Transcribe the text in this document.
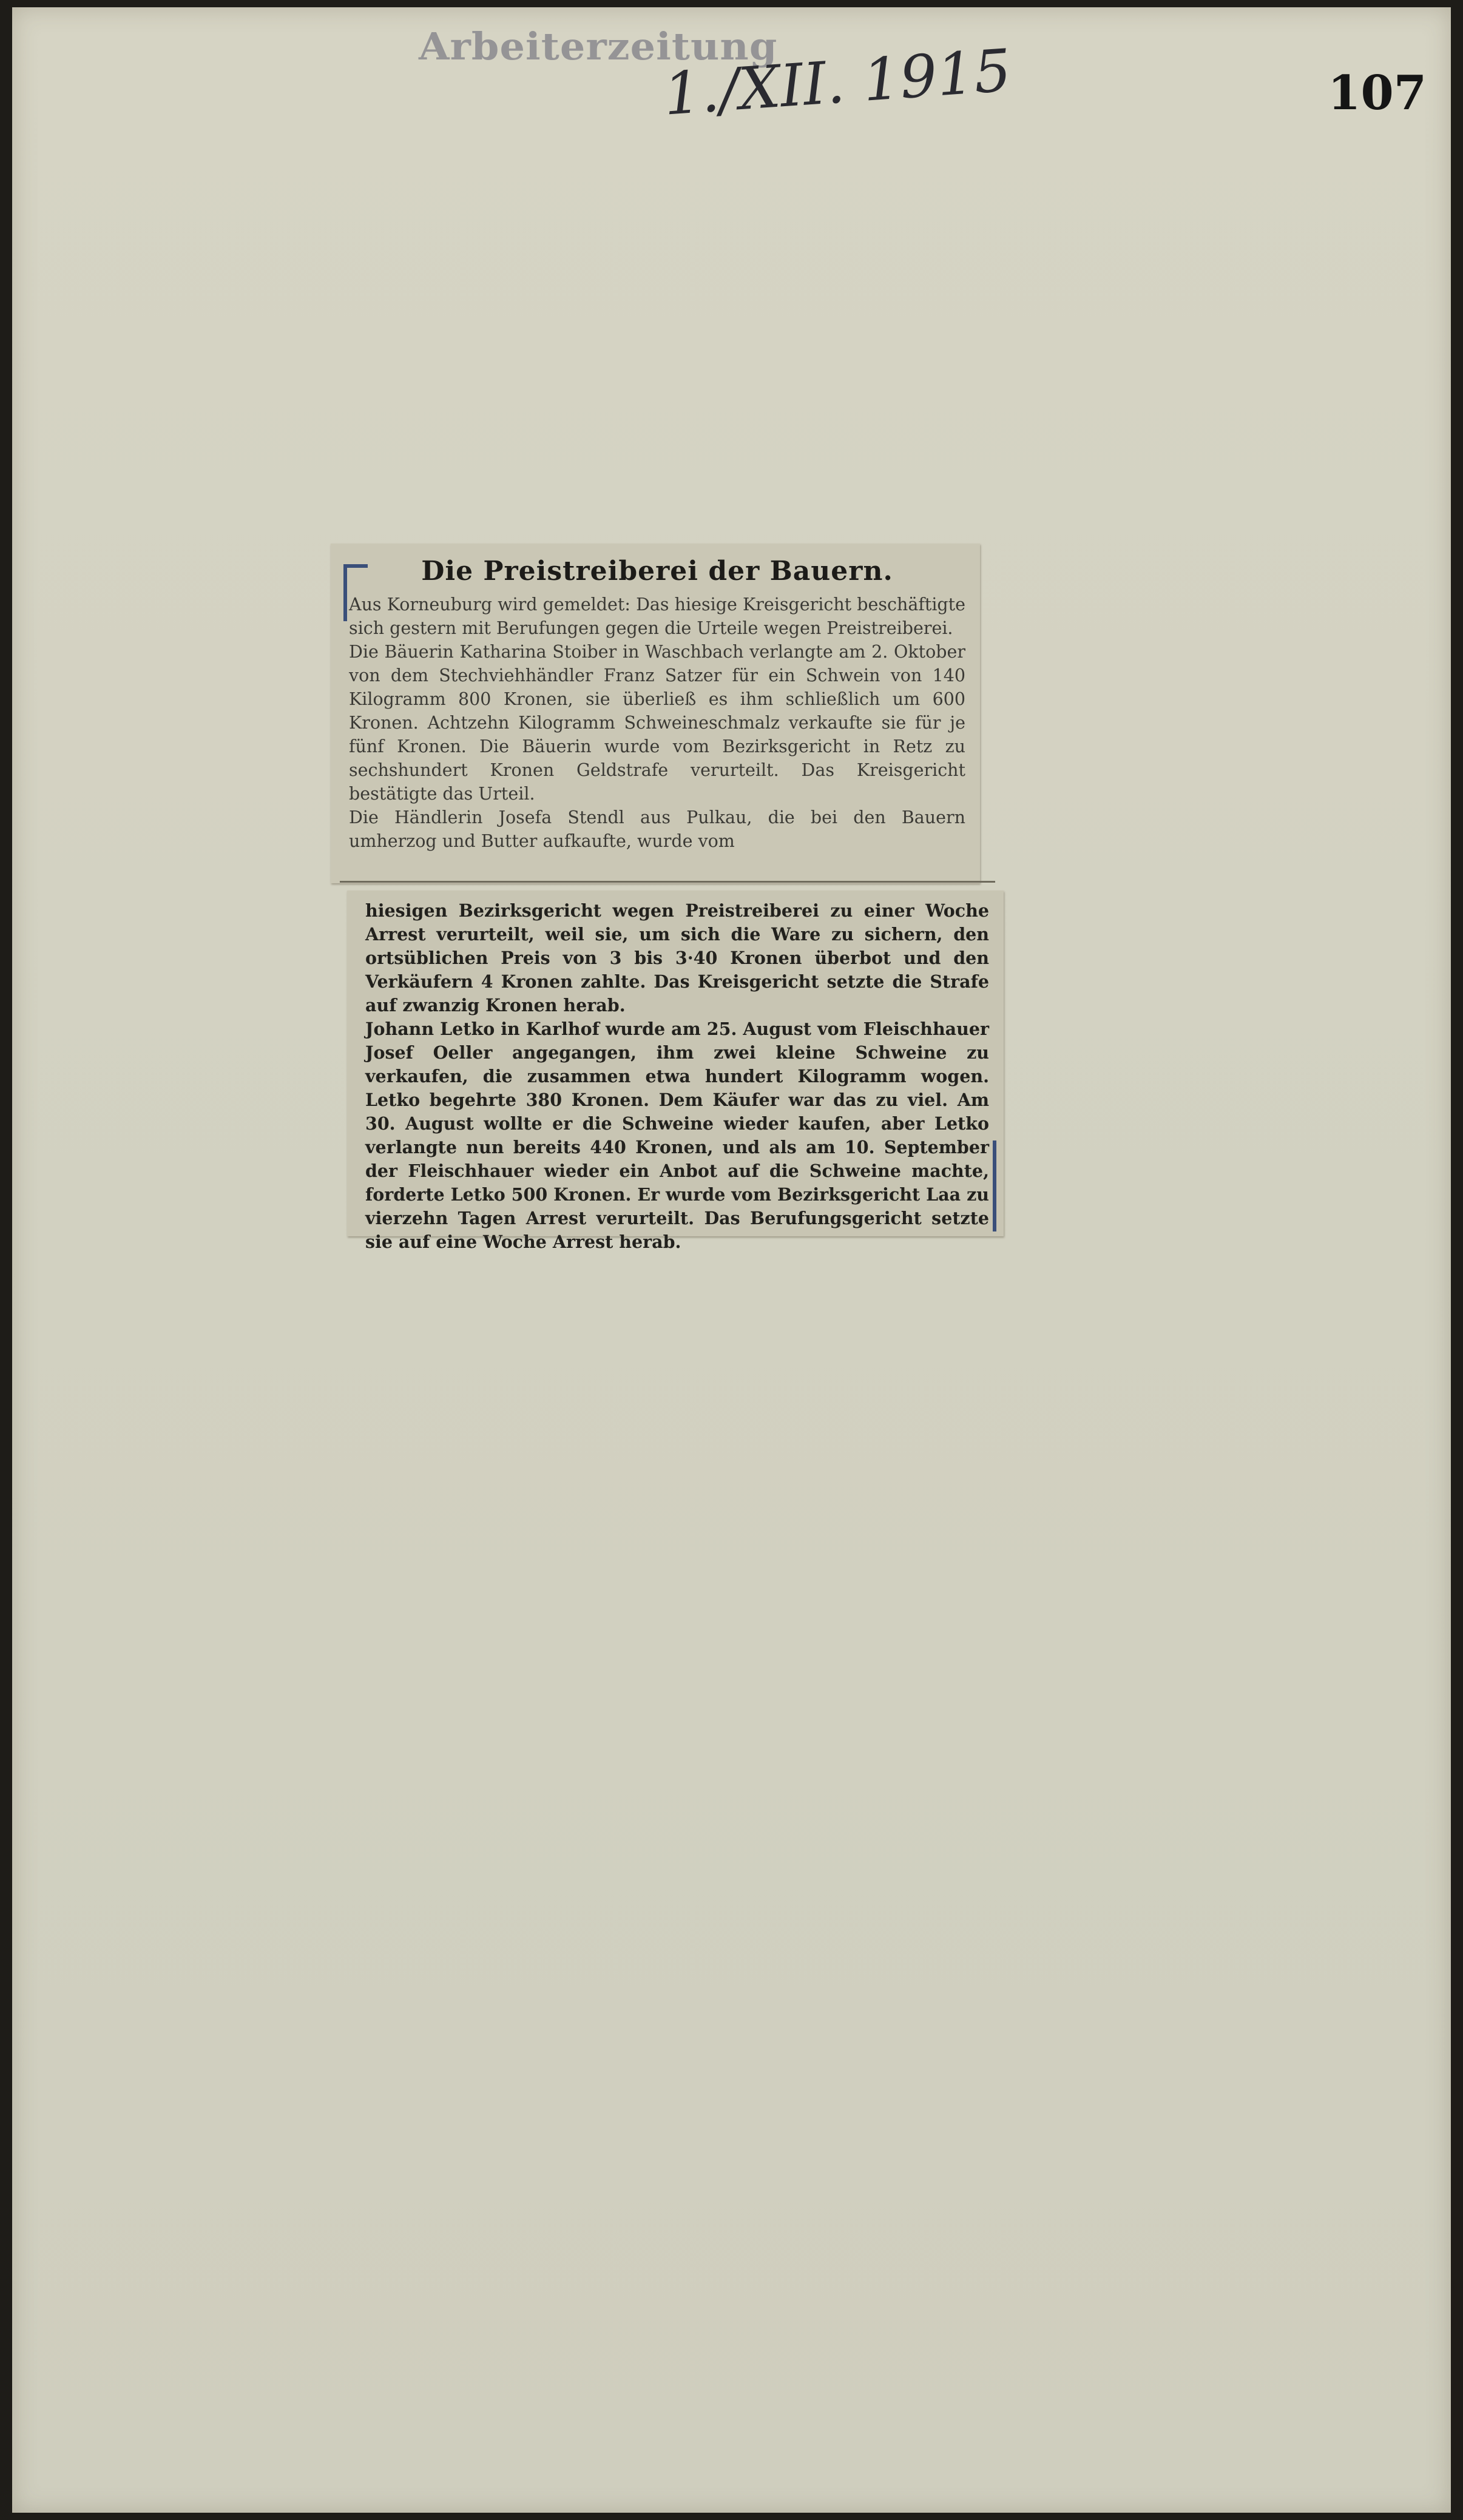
Arbeiterzeitung
1./XII. 1915	107
Die Preistreiberei der Bauern.

Aus Korneuburg wird gemeldet: Das hiesige Kreisgericht beschäftigte sich gestern mit Berufungen gegen die Urteile wegen Preistreiberei.
Die Bäuerin Katharina Stoiber in Waschbach verlangte am 2. Oktober von dem Stechviehhändler Franz Satzer für ein Schwein von 140 Kilogramm 800 Kronen, sie überließ es ihm schließlich um 600 Kronen. Achtzehn Kilogramm Schweineschmalz verkaufte sie für je fünf Kronen. Die Bäuerin wurde vom Bezirksgericht in Retz zu sechshundert Kronen Geldstrafe verurteilt. Das Kreisgericht bestätigte das Urteil.
Die Händlerin Josefa Stendl aus Pulkau, die bei den Bauern umherzog und Butter aufkaufte, wurde vom

hiesigen Bezirksgericht wegen Preistreiberei zu einer Woche Arrest verurteilt, weil sie, um sich die Ware zu sichern, den ortsüblichen Preis von 3 bis 3·40 Kronen überbot und den Verkäufern 4 Kronen zahlte. Das Kreisgericht setzte die Strafe auf zwanzig Kronen herab.
Johann Letko in Karlhof wurde am 25. August vom Fleischhauer Josef Oeller angegangen, ihm zwei kleine Schweine zu verkaufen, die zusammen etwa hundert Kilogramm wogen. Letko begehrte 380 Kronen. Dem Käufer war das zu viel. Am 30. August wollte er die Schweine wieder kaufen, aber Letko verlangte nun bereits 440 Kronen, und als am 10. September der Fleischhauer wieder ein Anbot auf die Schweine machte, forderte Letko 500 Kronen. Er wurde vom Bezirksgericht Laa zu vierzehn Tagen Arrest verurteilt. Das Berufungsgericht setzte sie auf eine Woche Arrest herab.
